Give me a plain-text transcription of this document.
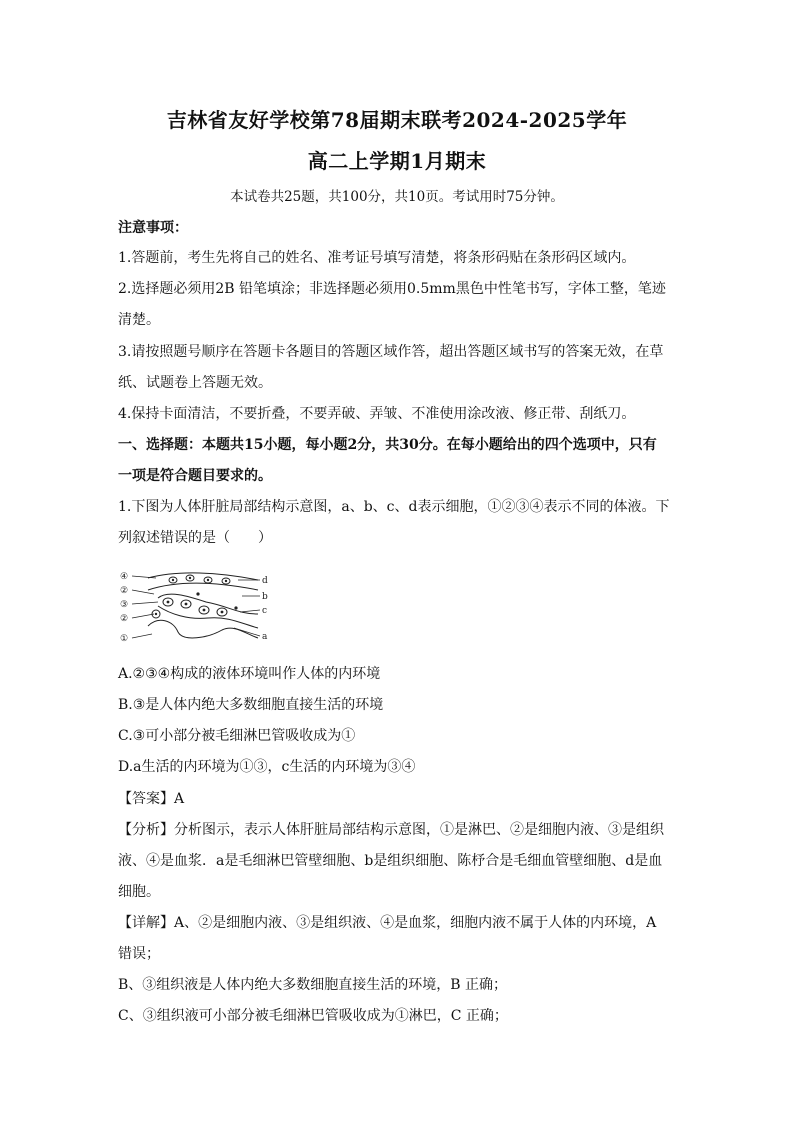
吉林省友好学校第78届期末联考2024-2025学年
高二上学期1月期末
本试卷共25题，共100分，共10页。考试用时75分钟。
注意事项：
1.答题前，考生先将自己的姓名、准考证号填写清楚，将条形码贴在条形码区域内。
2.选择题必须用2B 铅笔填涂；非选择题必须用0.5mm黑色中性笔书写，字体工整，笔迹
清楚。
3.请按照题号顺序在答题卡各题目的答题区域作答，超出答题区域书写的答案无效，在草
纸、试题卷上答题无效。
4.保持卡面清洁，不要折叠，不要弄破、弄皱、不准使用涂改液、修正带、刮纸刀。
一、选择题：本题共15小题，每小题2分，共30分。在每小题给出的四个选项中，只有
一项是符合题目要求的。
1.下图为人体肝脏局部结构示意图，a、b、c、d表示细胞，①②③④表示不同的体液。下
列叙述错误的是（　　）
④
②
③
②
①
d
b
c
a
A.②③④构成的液体环境叫作人体的内环境
B.③是人体内绝大多数细胞直接生活的环境
C.③可小部分被毛细淋巴管吸收成为①
D.a生活的内环境为①③，c生活的内环境为③④
【答案】A
【分析】分析图示，表示人体肝脏局部结构示意图，①是淋巴、②是细胞内液、③是组织
液、④是血浆．a是毛细淋巴管壁细胞、b是组织细胞、陈杼合是毛细血管壁细胞、d是血
细胞。
【详解】A、②是细胞内液、③是组织液、④是血浆，细胞内液不属于人体的内环境，A
错误；
B、③组织液是人体内绝大多数细胞直接生活的环境，B 正确；
C、③组织液可小部分被毛细淋巴管吸收成为①淋巴，C 正确；
